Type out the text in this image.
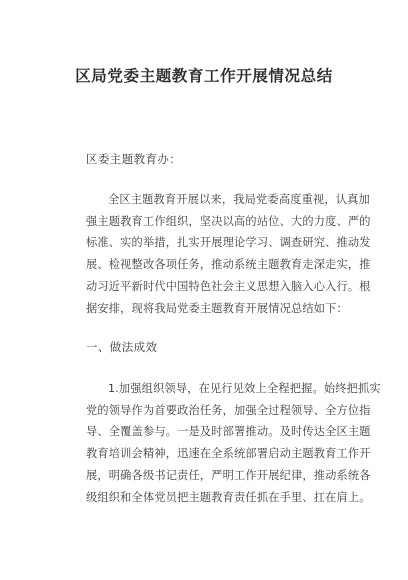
区局党委主题教育工作开展情况总结
区委主题教育办：
全区主题教育开展以来，我局党委高度重视，认真加
强主题教育工作组织，坚决以高的站位、大的力度、严的
标准、实的举措，扎实开展理论学习、调查研究、推动发
展、检视整改各项任务，推动系统主题教育走深走实，推
动习近平新时代中国特色社会主义思想入脑入心入行。根
据安排，现将我局党委主题教育开展情况总结如下：
一、做法成效
1.加强组织领导，在见行见效上全程把握。始终把抓实
党的领导作为首要政治任务，加强全过程领导、全方位指
导、全覆盖参与。一是及时部署推动。及时传达全区主题
教育培训会精神，迅速在全系统部署启动主题教育工作开
展，明确各级书记责任，严明工作开展纪律，推动系统各
级组织和全体党员把主题教育责任抓在手里、扛在肩上。
